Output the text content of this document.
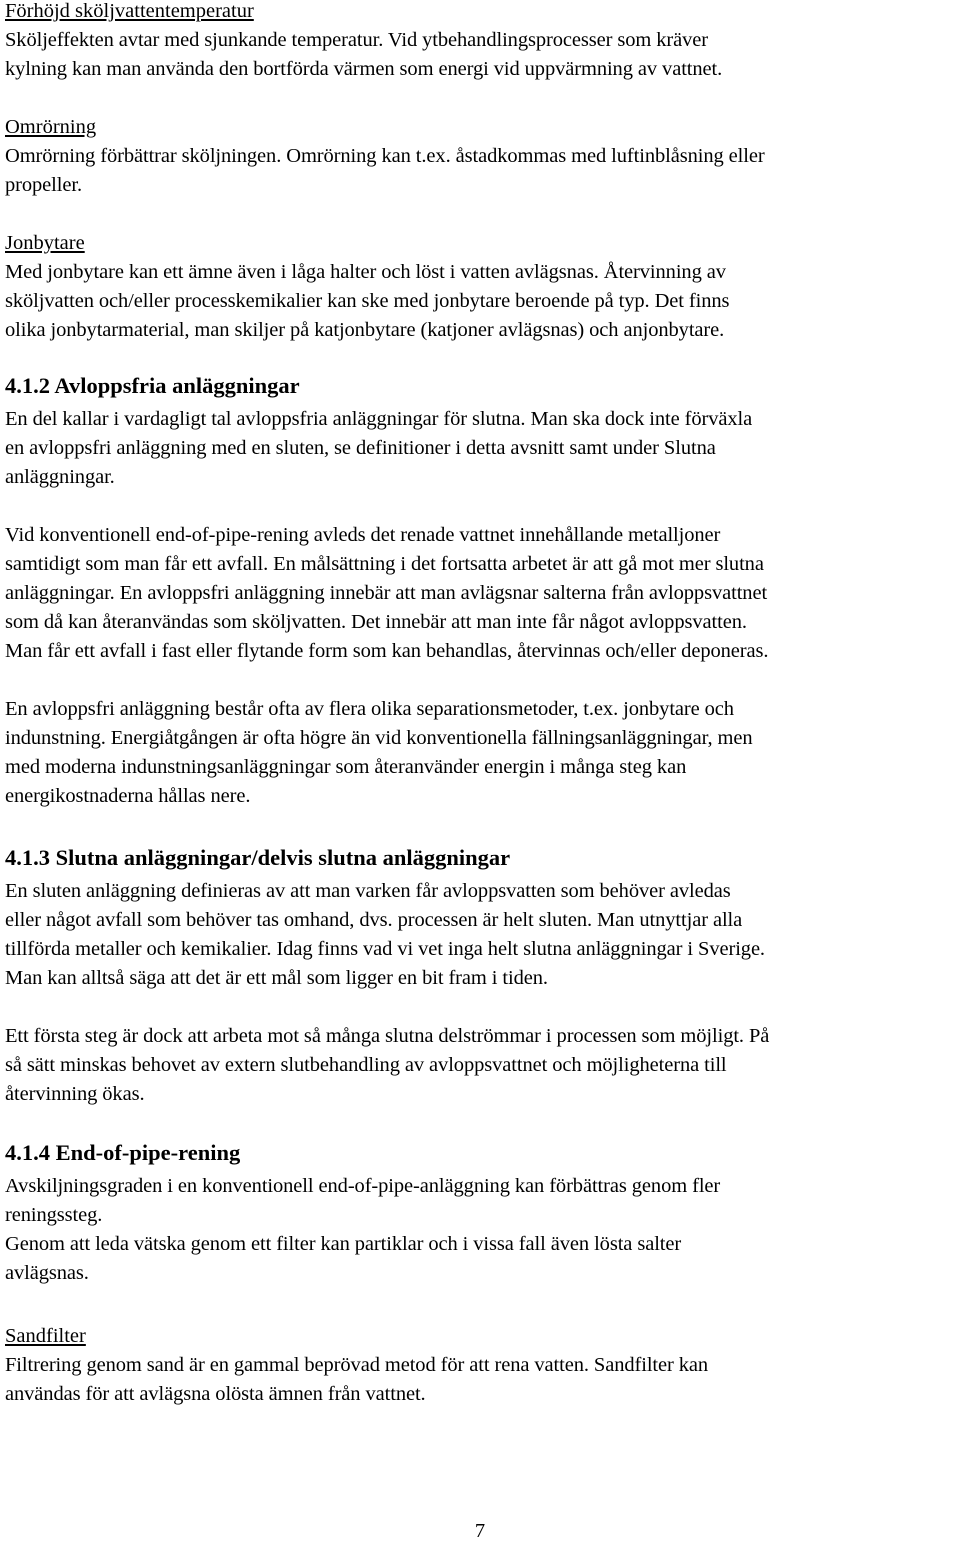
Förhöjd sköljvattentemperatur

Sköljeffekten avtar med sjunkande temperatur. Vid ytbehandlingsprocesser som kräver
kylning kan man använda den bortförda värmen som energi vid uppvärmning av vattnet.

Omrörning

Omrörning förbättrar sköljningen. Omrörning kan t.ex. åstadkommas med luftinblåsning eller
propeller.

Jonbytare

Med jonbytare kan ett ämne även i låga halter och löst i vatten avlägsnas. Återvinning av
sköljvatten och/eller processkemikalier kan ske med jonbytare beroende på typ. Det finns
olika jonbytarmaterial, man skiljer på katjonbytare (katjoner avlägsnas) och anjonbytare.

4.1.2 Avloppsfria anläggningar

En del kallar i vardagligt tal avloppsfria anläggningar för slutna. Man ska dock inte förväxla
en avloppsfri anläggning med en sluten, se definitioner i detta avsnitt samt under Slutna
anläggningar.

Vid konventionell end-of-pipe-rening avleds det renade vattnet innehållande metalljoner
samtidigt som man får ett avfall. En målsättning i det fortsatta arbetet är att gå mot mer slutna
anläggningar. En avloppsfri anläggning innebär att man avlägsnar salterna från avloppsvattnet
som då kan återanvändas som sköljvatten. Det innebär att man inte får något avloppsvatten.
Man får ett avfall i fast eller flytande form som kan behandlas, återvinnas och/eller deponeras.

En avloppsfri anläggning består ofta av flera olika separationsmetoder, t.ex. jonbytare och
indunstning. Energiåtgången är ofta högre än vid konventionella fällningsanläggningar, men
med moderna indunstningsanläggningar som återanvänder energin i många steg kan
energikostnaderna hållas nere.

4.1.3 Slutna anläggningar/delvis slutna anläggningar

En sluten anläggning definieras av att man varken får avloppsvatten som behöver avledas
eller något avfall som behöver tas omhand, dvs. processen är helt sluten. Man utnyttjar alla
tillförda metaller och kemikalier. Idag finns vad vi vet inga helt slutna anläggningar i Sverige.
Man kan alltså säga att det är ett mål som ligger en bit fram i tiden.

Ett första steg är dock att arbeta mot så många slutna delströmmar i processen som möjligt. På
så sätt minskas behovet av extern slutbehandling av avloppsvattnet och möjligheterna till
återvinning ökas.

4.1.4 End-of-pipe-rening

Avskiljningsgraden i en konventionell end-of-pipe-anläggning kan förbättras genom fler
reningssteg.

Genom att leda vätska genom ett filter kan partiklar och i vissa fall även lösta salter
avlägsnas.

Sandfilter

Filtrering genom sand är en gammal beprövad metod för att rena vatten. Sandfilter kan
användas för att avlägsna olösta ämnen från vattnet.

7
